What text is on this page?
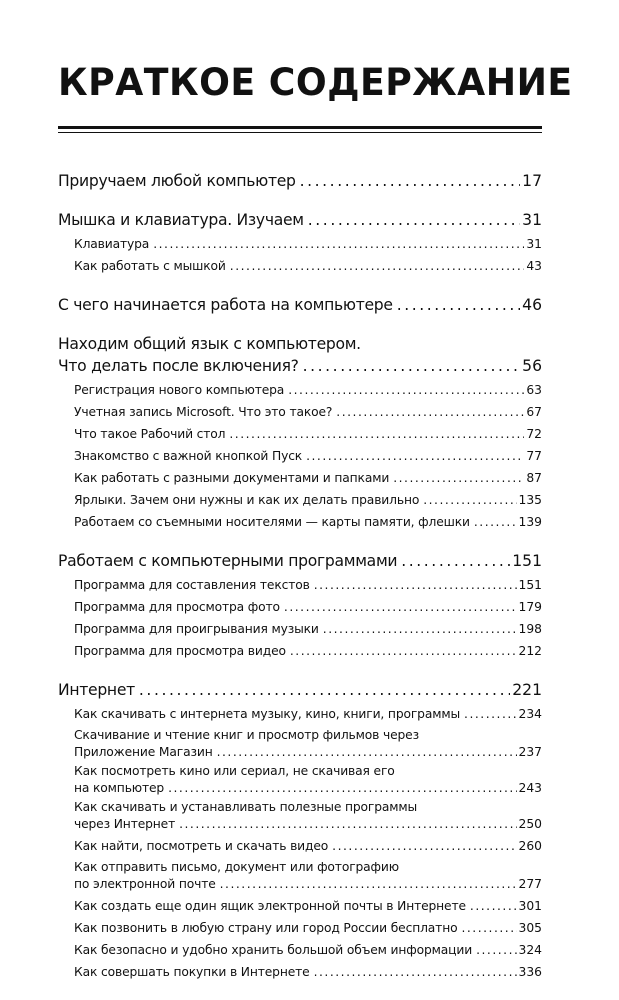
КРАТКОЕ СОДЕРЖАНИЕ
Приручаем любой компьютер . . .	17
Мышка и клавиатура. Изучаем . . .	31
Клавиатура . . .	31
Как работать с мышкой . . .	43
С чего начинается работа на компьютере . . .	46
Находим общий язык с компьютером.
Что делать после включения? . . .	56
Регистрация нового компьютера . . .	63
Учетная запись Microsoft. Что это такое? . . .	67
Что такое Рабочий стол . . .	72
Знакомство с важной кнопкой Пуск . . .	77
Как работать с разными документами и папками . . .	87
Ярлыки. Зачем они нужны и как их делать правильно . . .	135
Работаем со съемными носителями — карты памяти, флешки . . .	139
Работаем с компьютерными программами . . .	151
Программа для составления текстов . . .	151
Программа для просмотра фото . . .	179
Программа для проигрывания музыки . . .	198
Программа для просмотра видео . . .	212
Интернет . . .	221
Как скачивать с интернета музыку, кино, книги, программы . . .	234
Скачивание и чтение книг и просмотр фильмов через
Приложение Магазин . . .	237
Как посмотреть кино или сериал, не скачивая его
на компьютер . . .	243
Как скачивать и устанавливать полезные программы
через Интернет . . .	250
Как найти, посмотреть и скачать видео . . .	260
Как отправить письмо, документ или фотографию
по электронной почте . . .	277
Как создать еще один ящик электронной почты в Интернете . . .	301
Как позвонить в любую страну или город России бесплатно . . .	305
Как безопасно и удобно хранить большой объем информации . . .	324
Как совершать покупки в Интернете . . .	336
